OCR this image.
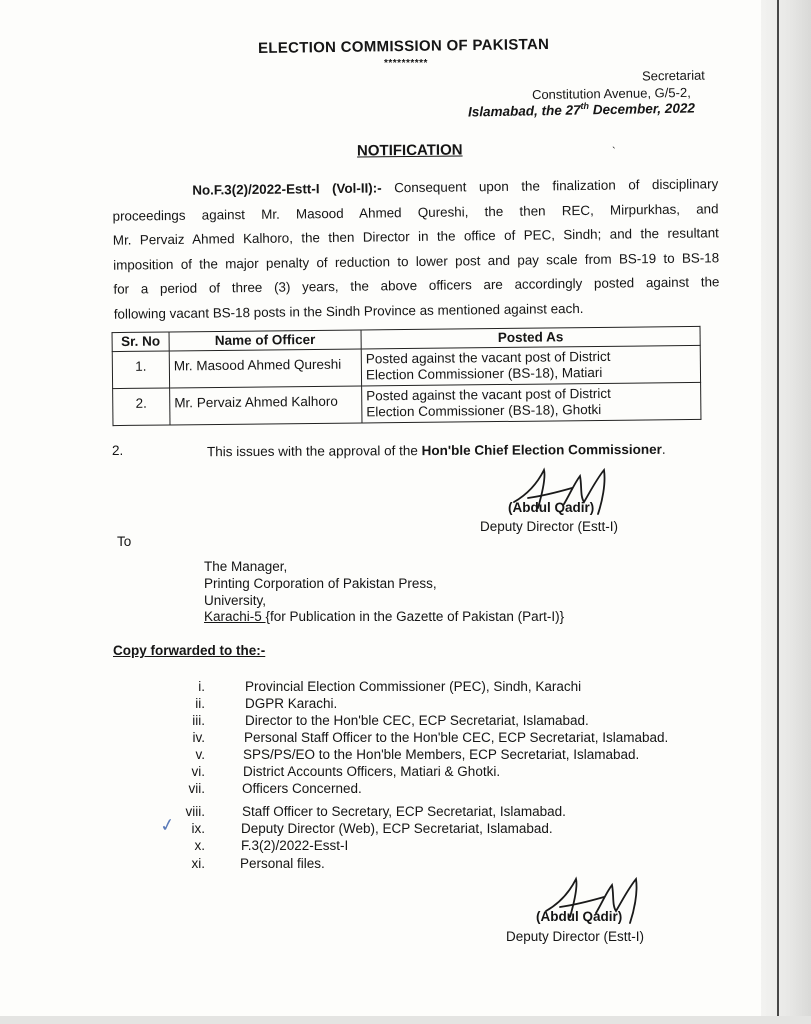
ELECTION COMMISSION OF PAKISTAN
**********
Secretariat
Constitution Avenue, G/5-2,
Islamabad, the 27th December, 2022
NOTIFICATION	`
No.F.3(2)/2022-Estt-I (Vol-II):- Consequent upon the finalization of disciplinary
proceedings against Mr. Masood Ahmed Qureshi, the then REC, Mirpurkhas, and
Mr. Pervaiz Ahmed Kalhoro, the then Director in the office of PEC, Sindh; and the resultant
imposition of the major penalty of reduction to lower post and pay scale from BS-19 to BS-18
for a period of three (3) years, the above officers are accordingly posted against the
following vacant BS-18 posts in the Sindh Province as mentioned against each.
Sr. No	Name of Officer	Posted As
1.	Mr. Masood Ahmed Qureshi	Posted against the vacant post of District
Election Commissioner (BS-18), Matiari
2.	Mr. Pervaiz Ahmed Kalhoro	Posted against the vacant post of District
Election Commissioner (BS-18), Ghotki
2.	This issues with the approval of the Hon'ble Chief Election Commissioner.
(Abdul Qadir)
Deputy Director (Estt-I)
To
The Manager,
Printing Corporation of Pakistan Press,
University,
Karachi-5 {for Publication in the Gazette of Pakistan (Part-I)}
Copy forwarded to the:-
i.	Provincial Election Commissioner (PEC), Sindh, Karachi
ii.	DGPR Karachi.
iii.	Director to the Hon'ble CEC, ECP Secretariat, Islamabad.
iv.	Personal Staff Officer to the Hon'ble CEC, ECP Secretariat, Islamabad.
v.	SPS/PS/EO to the Hon'ble Members, ECP Secretariat, Islamabad.
vi.	District Accounts Officers, Matiari & Ghotki.
vii.	Officers Concerned.
viii.	Staff Officer to Secretary, ECP Secretariat, Islamabad.
ix.	Deputy Director (Web), ECP Secretariat, Islamabad.
x.	F.3(2)/2022-Esst-I
xi.	Personal files.
✓
(Abdul Qadir)
Deputy Director (Estt-I)
